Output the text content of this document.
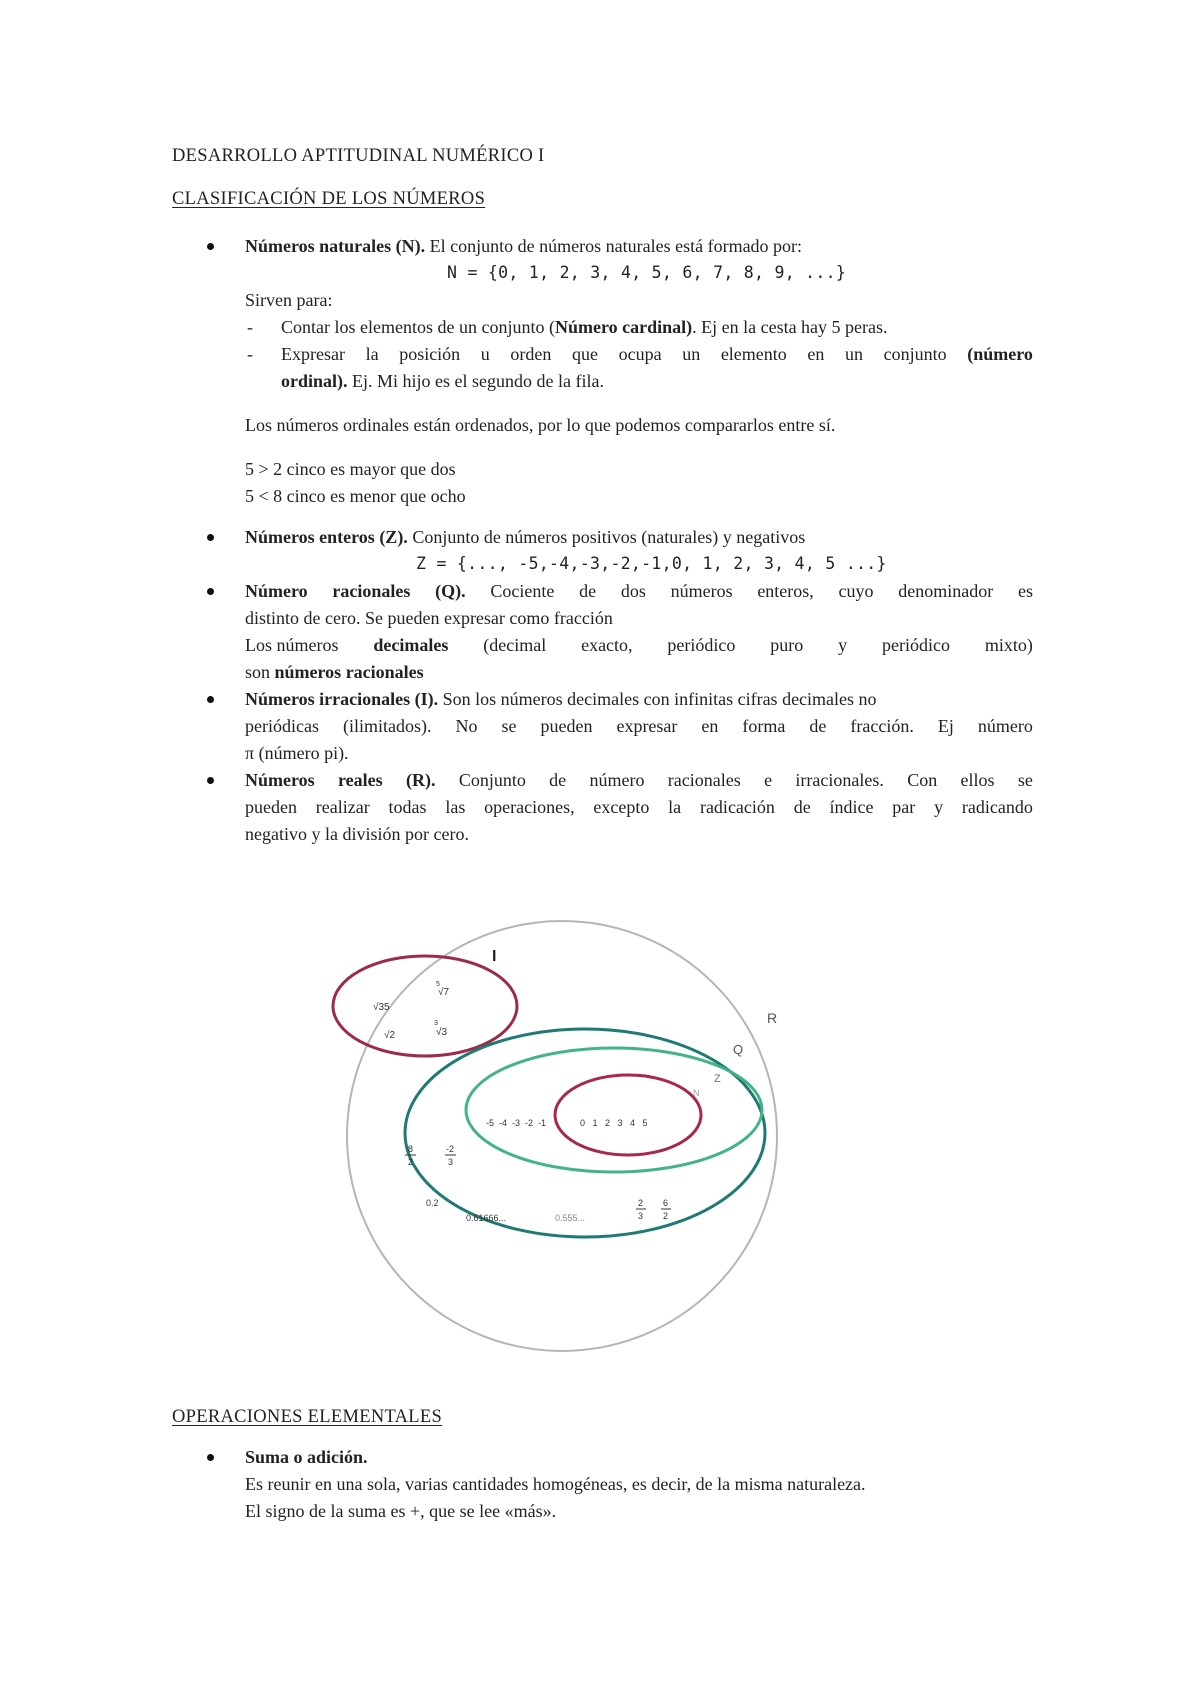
DESARROLLO APTITUDINAL NUMÉRICO I
CLASIFICACIÓN DE LOS NÚMEROS
Números naturales (N). El conjunto de números naturales está formado por:
N = {0, 1, 2, 3, 4, 5, 6, 7, 8, 9, ...}
Sirven para:
- Contar los elementos de un conjunto (Número cardinal). Ej en la cesta hay 5 peras.
- Expresar la posición u orden que ocupa un elemento en un conjunto (número
ordinal). Ej. Mi hijo es el segundo de la fila.
Los números ordinales están ordenados, por lo que podemos compararlos entre sí.
5 > 2 cinco es mayor que dos
5 < 8 cinco es menor que ocho
Números enteros (Z). Conjunto de números positivos (naturales) y negativos
Z = {..., -5,-4,-3,-2,-1,0, 1, 2, 3, 4, 5 ...}
Número racionales (Q). Cociente de dos números enteros, cuyo denominador es
distinto de cero. Se pueden expresar como fracción
Los números decimales (decimal exacto, periódico puro y periódico mixto)
son números racionales
Números irracionales (I). Son los números decimales con infinitas cifras decimales no
periódicas (ilimitados). No se pueden expresar en forma de fracción. Ej número
π (número pi).
Números reales (R). Conjunto de número racionales e irracionales. Con ellos se
pueden realizar todas las operaciones, excepto la radicación de índice par y radicando
negativo y la división por cero.
R
Q
Z
N
I
√35
√2
5
√7
3
√3
-5  -4  -3  -2  -1	0   1   2   3   4   5
8
2
-2
3
0.2
0.61666...	0.555...
2
3
6
2
OPERACIONES ELEMENTALES
Suma o adición.
Es reunir en una sola, varias cantidades homogéneas, es decir, de la misma naturaleza.
El signo de la suma es +, que se lee «más».
